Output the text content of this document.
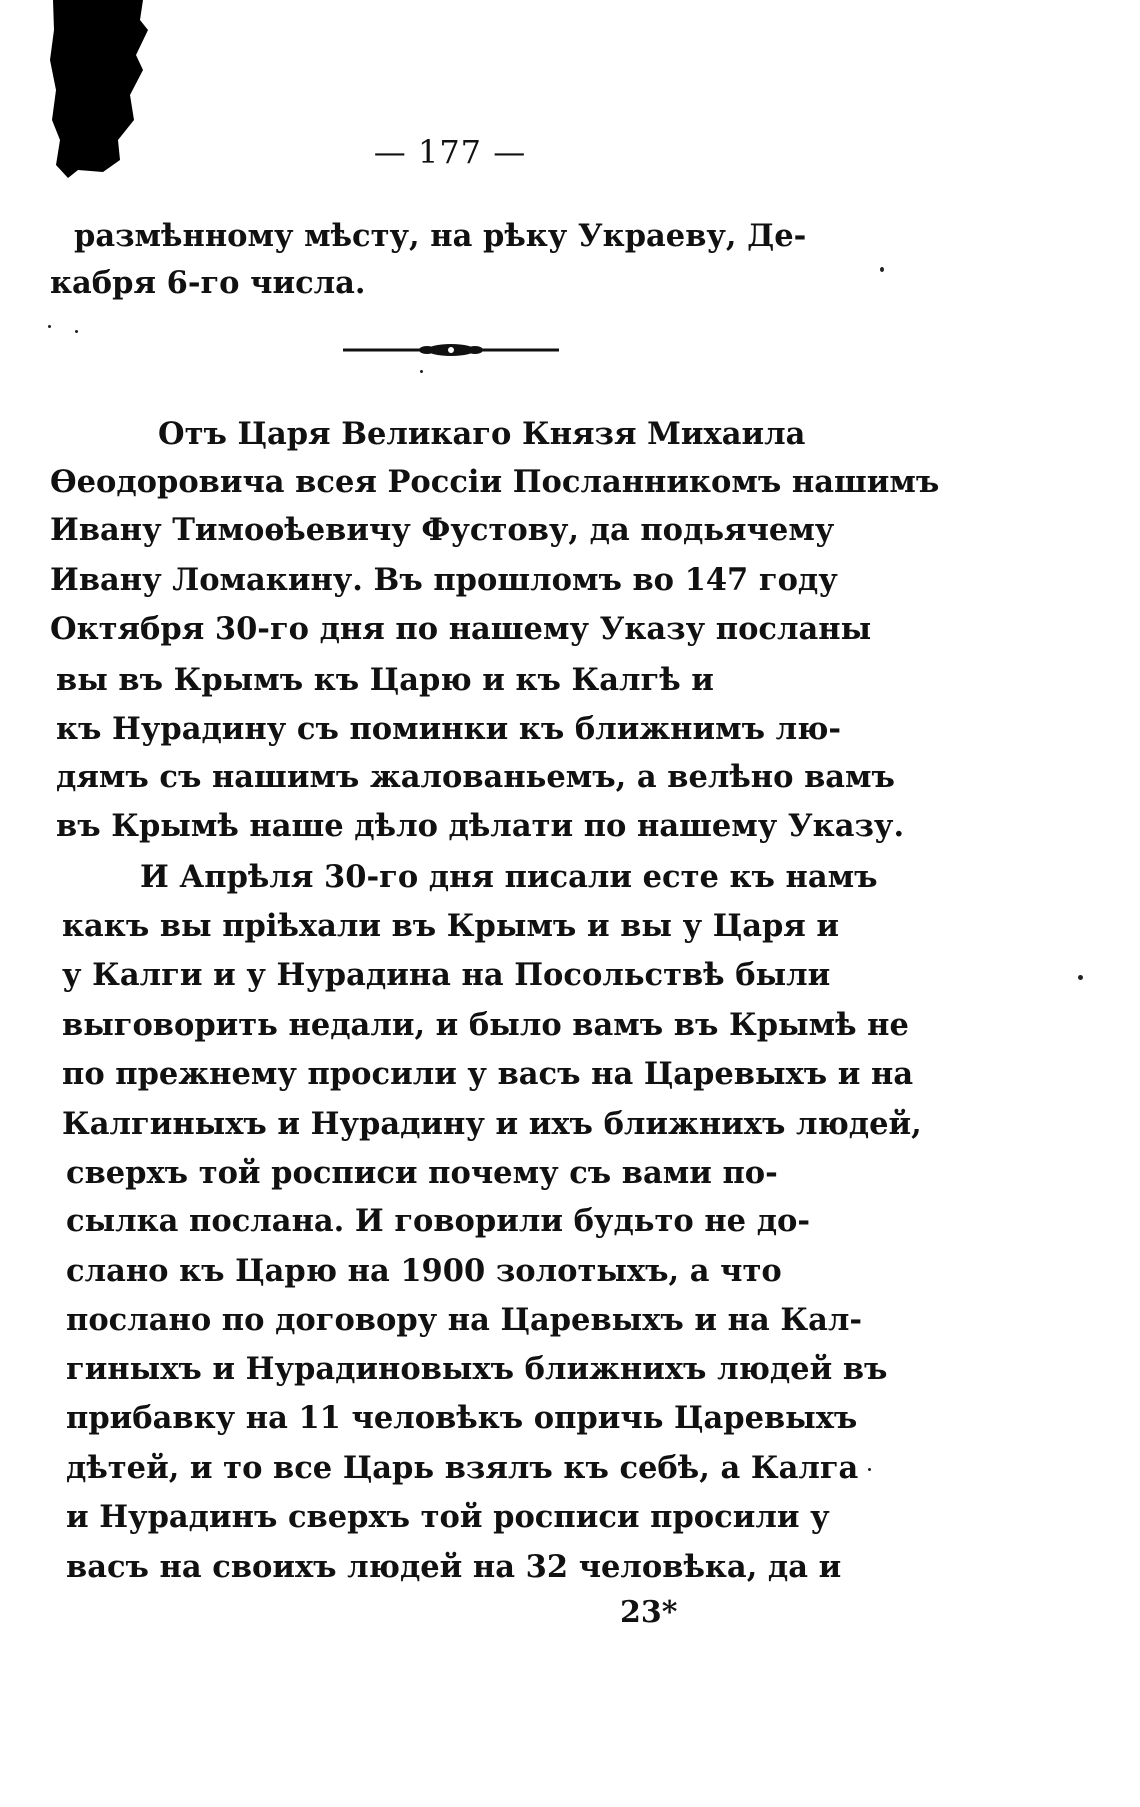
— 177 —
размѣнному мѣсту, на рѣку Украеву, Де-
кабря 6-го числа.
Отъ Царя Великаго Князя Михаила
Ѳеодоровича всея Россіи Посланникомъ нашимъ
Ивану Тимоѳѣевичу Фустову, да подьячему
Ивану Ломакину. Въ прошломъ во 147 году
Октября 30-го дня по нашему Указу посланы
вы въ Крымъ къ Царю и къ Калгѣ и
къ Нурадину съ поминки къ ближнимъ лю-
дямъ съ нашимъ жалованьемъ, а велѣно вамъ
въ Крымѣ наше дѣло дѣлати по нашему Указу.
И Апрѣля 30-го дня писали есте къ намъ
какъ вы пріѣхали въ Крымъ и вы у Царя и
у Калги и у Нурадина на Посольствѣ были
выговорить недали, и было вамъ въ Крымѣ не
по прежнему просили у васъ на Царевыхъ и на
Калгиныхъ и Нурадину и ихъ ближнихъ людей,
сверхъ той росписи почему съ вами по-
сылка послана. И говорили будьто не до-
слано къ Царю на 1900 золотыхъ, а что
послано по договору на Царевыхъ и на Кал-
гиныхъ и Нурадиновыхъ ближнихъ людей въ
прибавку на 11 человѣкъ опричь Царевыхъ
дѣтей, и то все Царь взялъ къ себѣ, а Калга
и Нурадинъ сверхъ той росписи просили у
васъ на своихъ людей на 32 человѣка, да и
23*
